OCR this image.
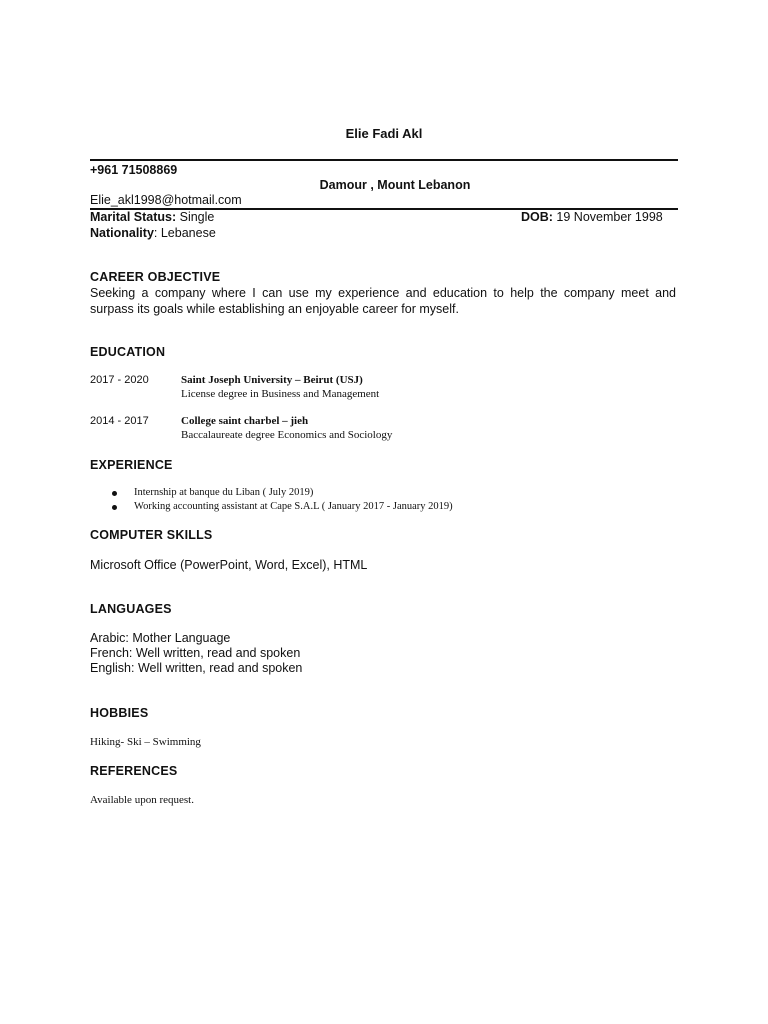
Elie Fadi Akl
+961 71508869
Damour , Mount Lebanon
Elie_akl1998@hotmail.com
Marital Status: Single	DOB: 19 November 1998
Nationality: Lebanese
CAREER OBJECTIVE
Seeking a company where I can use my experience and education to help the company meet and surpass its goals while establishing an enjoyable career for myself.
EDUCATION
2017 - 2020	Saint Joseph University – Beirut (USJ)
License degree in Business and Management
2014 - 2017	College saint charbel – jieh
Baccalaureate degree Economics and Sociology
EXPERIENCE
Internship at banque du Liban ( July 2019)
Working accounting assistant at Cape S.A.L ( January 2017 - January 2019)
COMPUTER SKILLS
Microsoft Office (PowerPoint, Word, Excel), HTML
LANGUAGES
Arabic: Mother Language
French: Well written, read and spoken
English: Well written, read and spoken
HOBBIES
Hiking- Ski – Swimming
REFERENCES
Available upon request.
